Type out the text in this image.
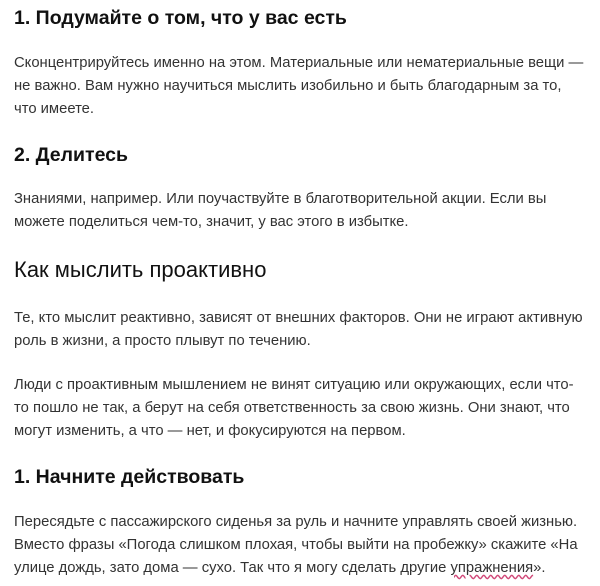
1. Подумайте о том, что у вас есть

Сконцентрируйтесь именно на этом. Материальные или нематериальные вещи — не важно. Вам нужно научиться мыслить изобильно и быть благодарным за то, что имеете.

2. Делитесь

Знаниями, например. Или поучаствуйте в благотворительной акции. Если вы можете поделиться чем-то, значит, у вас этого в избытке.

Как мыслить проактивно

Те, кто мыслит реактивно, зависят от внешних факторов. Они не играют активную роль в жизни, а просто плывут по течению.

Люди с проактивным мышлением не винят ситуацию или окружающих, если что-то пошло не так, а берут на себя ответственность за свою жизнь. Они знают, что могут изменить, а что — нет, и фокусируются на первом.

1. Начните действовать

Пересядьте с пассажирского сиденья за руль и начните управлять своей жизнью. Вместо фразы «Погода слишком плохая, чтобы выйти на пробежку» скажите «На улице дождь, зато дома — сухо. Так что я могу сделать другие упражнения».
